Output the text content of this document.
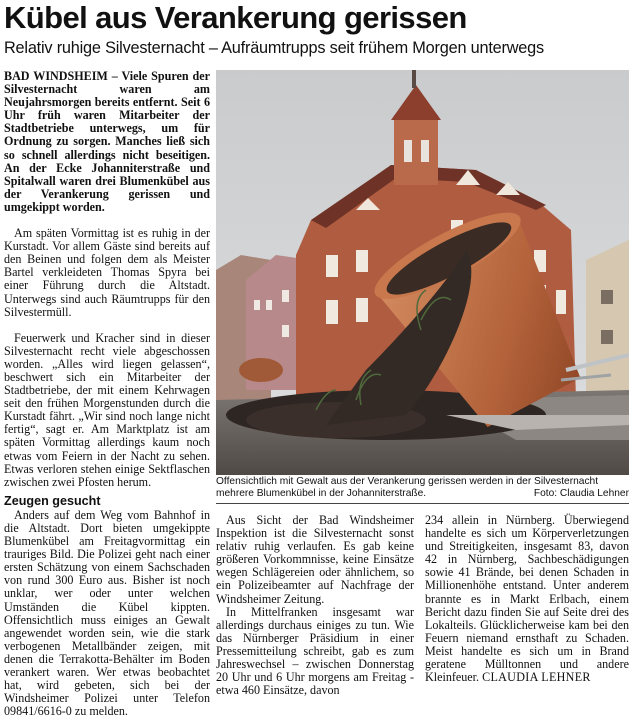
Kübel aus Verankerung gerissen
Relativ ruhige Silvesternacht – Aufräumtrupps seit frühem Morgen unterwegs

BAD WINDSHEIM – Viele Spuren der Silvesternacht waren am Neujahrsmorgen bereits entfernt. Seit 6 Uhr früh waren Mitarbeiter der Stadtbetriebe unterwegs, um für Ordnung zu sorgen. Manches ließ sich so schnell allerdings nicht beseitigen. An der Ecke Johanniterstraße und Spitalwall waren drei Blumenkübel aus der Verankerung gerissen und umgekippt worden.

Am späten Vormittag ist es ruhig in der Kurstadt. Vor allem Gäste sind bereits auf den Beinen und folgen dem als Meister Bartel verkleideten Thomas Spyra bei einer Führung durch die Altstadt. Unterwegs sind auch Räumtrupps für den Silvestermüll.

Feuerwerk und Kracher sind in dieser Silvesternacht recht viele abgeschossen worden. „Alles wird liegen gelassen“, beschwert sich ein Mitarbeiter der Stadtbetriebe, der mit einem Kehrwagen seit den frühen Morgenstunden durch die Kurstadt fährt. „Wir sind noch lange nicht fertig“, sagt er. Am Marktplatz ist am späten Vormittag allerdings kaum noch etwas vom Feiern in der Nacht zu sehen. Etwas verloren stehen einige Sektflaschen zwischen zwei Pfosten herum.

Zeugen gesucht

Anders auf dem Weg vom Bahnhof in die Altstadt. Dort bieten umgekippte Blumenkübel am Freitagvormittag ein trauriges Bild. Die Polizei geht nach einer ersten Schätzung von einem Sachschaden von rund 300 Euro aus. Bisher ist noch unklar, wer oder unter welchen Umständen die Kübel kippten. Offensichtlich muss einiges an Gewalt angewendet worden sein, wie die stark verbogenen Metallbänder zeigen, mit denen die Terrakotta-Behälter im Boden verankert waren. Wer etwas beobachtet hat, wird gebeten, sich bei der Windsheimer Polizei unter Telefon 09841/6616-0 zu melden.

Offensichtlich mit Gewalt aus der Verankerung gerissen werden in der Silvesternacht mehrere Blumenkübel in der Johanniterstraße.	Foto: Claudia Lehner

Aus Sicht der Bad Windsheimer Inspektion ist die Silvesternacht sonst relativ ruhig verlaufen. Es gab keine größeren Vorkommnisse, keine Einsätze wegen Schlägereien oder ähnlichem, so ein Polizeibeamter auf Nachfrage der Windsheimer Zeitung.

In Mittelfranken insgesamt war allerdings durchaus einiges zu tun. Wie das Nürnberger Präsidium in einer Pressemitteilung schreibt, gab es zum Jahreswechsel – zwischen Donnerstag 20 Uhr und 6 Uhr morgens am Freitag - etwa 460 Einsätze, davon

234 allein in Nürnberg. Überwiegend handelte es sich um Körperverletzungen und Streitigkeiten, insgesamt 83, davon 42 in Nürnberg, Sachbeschädigungen sowie 41 Brände, bei denen Schaden in Millionenhöhe entstand. Unter anderem brannte es in Markt Erlbach, einem Bericht dazu finden Sie auf Seite drei des Lokalteils. Glücklicherweise kam bei den Feuern niemand ernsthaft zu Schaden. Meist handelte es sich um in Brand geratene Mülltonnen und andere Kleinfeuer. CLAUDIA LEHNER
